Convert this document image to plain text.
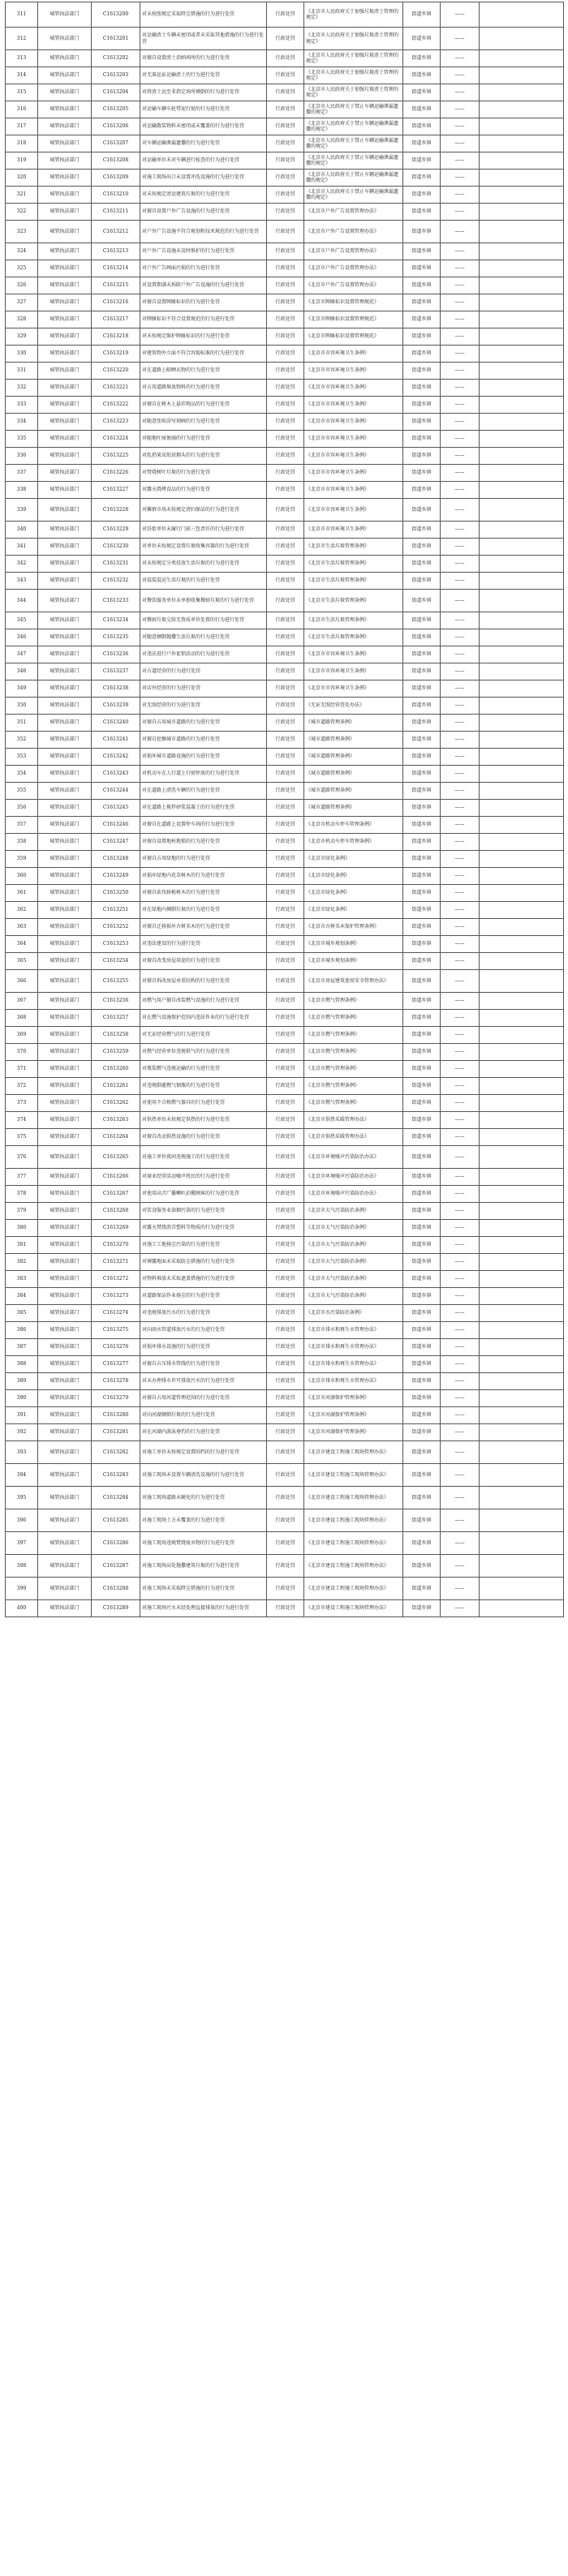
311	城管执法部门	C1613200	对未按照规定采取降尘措施的行为进行处罚	行政处罚	《北京市人民政府关于加强垃圾渣土管理的规定》	街道乡镇	——	
312	城管执法部门	C1613201	对运输渣土车辆未密闭或者未采取其他措施的行为进行处罚	行政处罚	《北京市人民政府关于加强垃圾渣土管理的规定》	街道乡镇	——	
313	城管执法部门	C1613202	对擅自设置渣土消纳场所的行为进行处罚	行政处罚	《北京市人民政府关于加强垃圾渣土管理的规定》	街道乡镇	——	
314	城管执法部门	C1613203	对无准运证运输渣土的行为进行处罚	行政处罚	《北京市人民政府关于加强垃圾渣土管理的规定》	街道乡镇	——	
315	城管执法部门	C1613204	对将渣土运至非指定场所倾倒的行为进行处罚	行政处罚	《北京市人民政府关于加强垃圾渣土管理的规定》	街道乡镇	——	
316	城管执法部门	C1613205	对运输车辆车轮带泥行驶的行为进行处罚	行政处罚	《北京市人民政府关于禁止车辆运输泄漏遗撒的规定》	街道乡镇	——	
317	城管执法部门	C1613206	对运输散装物料未密闭或未覆盖的行为进行处罚	行政处罚	《北京市人民政府关于禁止车辆运输泄漏遗撒的规定》	街道乡镇	——	
318	城管执法部门	C1613207	对车辆运输泄漏遗撒的行为进行处罚	行政处罚	《北京市人民政府关于禁止车辆运输泄漏遗撒的规定》	街道乡镇	——	
319	城管执法部门	C1613208	对运输单位未对车辆进行检查的行为进行处罚	行政处罚	《北京市人民政府关于禁止车辆运输泄漏遗撒的规定》	街道乡镇	——	
320	城管执法部门	C1613209	对施工现场出口未设置冲洗设施的行为进行处罚	行政处罚	《北京市人民政府关于禁止车辆运输泄漏遗撒的规定》	街道乡镇	——	
321	城管执法部门	C1613210	对未按规定清运建筑垃圾的行为进行处罚	行政处罚	《北京市人民政府关于禁止车辆运输泄漏遗撒的规定》	街道乡镇	——	
322	城管执法部门	C1613211	对擅自设置户外广告设施的行为进行处罚	行政处罚	《北京市户外广告设置管理办法》	街道乡镇	——	
323	城管执法部门	C1613212	对户外广告设施不符合规划和技术规范的行为进行处罚	行政处罚	《北京市户外广告设置管理办法》	街道乡镇	——	
324	城管执法部门	C1613213	对户外广告设施未及时维护的行为进行处罚	行政处罚	《北京市户外广告设置管理办法》	街道乡镇	——	
325	城管执法部门	C1613214	对户外广告画面污损的行为进行处罚	行政处罚	《北京市户外广告设置管理办法》	街道乡镇	——	
326	城管执法部门	C1613215	对设置期满未拆除户外广告设施的行为进行处罚	行政处罚	《北京市户外广告设置管理办法》	街道乡镇	——	
327	城管执法部门	C1613216	对擅自设置牌匾标识的行为进行处罚	行政处罚	《北京市牌匾标识设置管理规范》	街道乡镇	——	
328	城管执法部门	C1613217	对牌匾标识不符合设置规范的行为进行处罚	行政处罚	《北京市牌匾标识设置管理规范》	街道乡镇	——	
329	城管执法部门	C1613218	对未按规定维护牌匾标识的行为进行处罚	行政处罚	《北京市牌匾标识设置管理规范》	街道乡镇	——	
330	城管执法部门	C1613219	对建筑物外立面不符合容貌标准的行为进行处罚	行政处罚	《北京市市容环境卫生条例》	街道乡镇	——	
331	城管执法部门	C1613220	对在道路上晾晒衣物的行为进行处罚	行政处罚	《北京市市容环境卫生条例》	街道乡镇	——	
332	城管执法部门	C1613221	对占用道路堆放物料的行为进行处罚	行政处罚	《北京市市容环境卫生条例》	街道乡镇	——	
333	城管执法部门	C1613222	对擅自在树木上悬挂物品的行为进行处罚	行政处罚	《北京市市容环境卫生条例》	街道乡镇	——	
334	城管执法部门	C1613223	对随意张贴涂写刻画的行为进行处罚	行政处罚	《北京市市容环境卫生条例》	街道乡镇	——	
335	城管执法部门	C1613224	对随地吐痰便溺的行为进行处罚	行政处罚	《北京市市容环境卫生条例》	街道乡镇	——	
336	城管执法部门	C1613225	对乱扔果皮纸屑烟头的行为进行处罚	行政处罚	《北京市市容环境卫生条例》	街道乡镇	——	
337	城管执法部门	C1613226	对焚烧树叶垃圾的行为进行处罚	行政处罚	《北京市市容环境卫生条例》	街道乡镇	——	
338	城管执法部门	C1613227	对露天烧烤食品的行为进行处罚	行政处罚	《北京市市容环境卫生条例》	街道乡镇	——	
339	城管执法部门	C1613228	对摊群市场未按规定清扫保洁的行为进行处罚	行政处罚	《北京市市容环境卫生条例》	街道乡镇	——	
340	城管执法部门	C1613229	对沿街单位未履行门前三包责任的行为进行处罚	行政处罚	《北京市市容环境卫生条例》	街道乡镇	——	
341	城管执法部门	C1613230	对单位未按规定设置垃圾收集容器的行为进行处罚	行政处罚	《北京市生活垃圾管理条例》	街道乡镇	——	
342	城管执法部门	C1613231	对未按规定分类投放生活垃圾的行为进行处罚	行政处罚	《北京市生活垃圾管理条例》	街道乡镇	——	
343	城管执法部门	C1613232	对混装混运生活垃圾的行为进行处罚	行政处罚	《北京市生活垃圾管理条例》	街道乡镇	——	
344	城管执法部门	C1613233	对餐饮服务单位未单独收集餐厨垃圾的行为进行处罚	行政处罚	《北京市生活垃圾管理条例》	街道乡镇	——	
345	城管执法部门	C1613234	对餐厨垃圾交给无资质单位处置的行为进行处罚	行政处罚	《北京市生活垃圾管理条例》	街道乡镇	——	
346	城管执法部门	C1613235	对随意倾倒抛撒生活垃圾的行为进行处罚	行政处罚	《北京市生活垃圾管理条例》	街道乡镇	——	
347	城管执法部门	C1613236	对违法进行户外促销活动的行为进行处罚	行政处罚	《北京市市容环境卫生条例》	街道乡镇	——	
348	城管执法部门	C1613237	对占道经营的行为进行处罚	行政处罚	《北京市市容环境卫生条例》	街道乡镇	——	
349	城管执法部门	C1613238	对店外经营的行为进行处罚	行政处罚	《北京市市容环境卫生条例》	街道乡镇	——	
350	城管执法部门	C1613239	对无照经营的行为进行处罚	行政处罚	《无证无照经营查处办法》	街道乡镇	——	
351	城管执法部门	C1613240	对擅自占用城市道路的行为进行处罚	行政处罚	《城市道路管理条例》	街道乡镇	——	
352	城管执法部门	C1613241	对擅自挖掘城市道路的行为进行处罚	行政处罚	《城市道路管理条例》	街道乡镇	——	
353	城管执法部门	C1613242	对损坏城市道路设施的行为进行处罚	行政处罚	《城市道路管理条例》	街道乡镇	——	
354	城管执法部门	C1613243	对机动车在人行道上行驶停放的行为进行处罚	行政处罚	《城市道路管理条例》	街道乡镇	——	
355	城管执法部门	C1613244	对在道路上清洗车辆的行为进行处罚	行政处罚	《城市道路管理条例》	街道乡镇	——	
356	城管执法部门	C1613245	对在道路上搅拌砂浆混凝土的行为进行处罚	行政处罚	《城市道路管理条例》	街道乡镇	——	
357	城管执法部门	C1613246	对擅自在道路上设置停车场的行为进行处罚	行政处罚	《北京市机动车停车管理条例》	街道乡镇	——	
358	城管执法部门	C1613247	对擅自设置地桩地锁的行为进行处罚	行政处罚	《北京市机动车停车管理条例》	街道乡镇	——	
359	城管执法部门	C1613248	对擅自占用绿地的行为进行处罚	行政处罚	《北京市绿化条例》	街道乡镇	——	
360	城管执法部门	C1613249	对损坏绿地内花草树木的行为进行处罚	行政处罚	《北京市绿化条例》	街道乡镇	——	
361	城管执法部门	C1613250	对擅自砍伐移植树木的行为进行处罚	行政处罚	《北京市绿化条例》	街道乡镇	——	
362	城管执法部门	C1613251	对在绿地内倾倒垃圾的行为进行处罚	行政处罚	《北京市绿化条例》	街道乡镇	——	
363	城管执法部门	C1613252	对擅自迁移损坏古树名木的行为进行处罚	行政处罚	《北京市古树名木保护管理条例》	街道乡镇	——	
364	城管执法部门	C1613253	对违法建设的行为进行处罚	行政处罚	《北京市城乡规划条例》	街道乡镇	——	
365	城管执法部门	C1613254	对擅自改变房屋用途的行为进行处罚	行政处罚	《北京市城乡规划条例》	街道乡镇	——	
366	城管执法部门	C1613255	对擅自拆改房屋承重结构的行为进行处罚	行政处罚	《北京市房屋建筑使用安全管理办法》	街道乡镇	——	
367	城管执法部门	C1613256	对燃气用户擅自改装燃气设施的行为进行处罚	行政处罚	《北京市燃气管理条例》	街道乡镇	——	
368	城管执法部门	C1613257	对在燃气设施保护范围内违法作业的行为进行处罚	行政处罚	《北京市燃气管理条例》	街道乡镇	——	
369	城管执法部门	C1613258	对无证经营燃气的行为进行处罚	行政处罚	《北京市燃气管理条例》	街道乡镇	——	
370	城管执法部门	C1613259	对燃气经营单位违规供气的行为进行处罚	行政处罚	《北京市燃气管理条例》	街道乡镇	——	
371	城管执法部门	C1613260	对瓶装燃气违规运输的行为进行处罚	行政处罚	《北京市燃气管理条例》	街道乡镇	——	
372	城管执法部门	C1613261	对违规倒灌燃气钢瓶的行为进行处罚	行政处罚	《北京市燃气管理条例》	街道乡镇	——	
373	城管执法部门	C1613262	对使用不合格燃气器具的行为进行处罚	行政处罚	《北京市燃气管理条例》	街道乡镇	——	
374	城管执法部门	C1613263	对供热单位未按规定供热的行为进行处罚	行政处罚	《北京市供热采暖管理办法》	街道乡镇	——	
375	城管执法部门	C1613264	对擅自改动供热设施的行为进行处罚	行政处罚	《北京市供热采暖管理办法》	街道乡镇	——	
376	城管执法部门	C1613265	对施工单位夜间违规施工的行为进行处罚	行政处罚	《北京市环境噪声污染防治办法》	街道乡镇	——	
377	城管执法部门	C1613266	对商业经营活动噪声扰民的行为进行处罚	行政处罚	《北京市环境噪声污染防治办法》	街道乡镇	——	
378	城管执法部门	C1613267	对使用高音广播喇叭招揽顾客的行为进行处罚	行政处罚	《北京市环境噪声污染防治办法》	街道乡镇	——	
379	城管执法部门	C1613268	对饮食服务业油烟污染的行为进行处罚	行政处罚	《北京市大气污染防治条例》	街道乡镇	——	
380	城管执法部门	C1613269	对露天焚烧沥青塑料等物质的行为进行处罚	行政处罚	《北京市大气污染防治条例》	街道乡镇	——	
381	城管执法部门	C1613270	对施工工地扬尘污染的行为进行处罚	行政处罚	《北京市大气污染防治条例》	街道乡镇	——	
382	城管执法部门	C1613271	对裸露地面未采取防尘措施的行为进行处罚	行政处罚	《北京市大气污染防治条例》	街道乡镇	——	
383	城管执法部门	C1613272	对物料堆放未采取遮盖措施的行为进行处罚	行政处罚	《北京市大气污染防治条例》	街道乡镇	——	
384	城管执法部门	C1613273	对道路保洁作业扬尘的行为进行处罚	行政处罚	《北京市大气污染防治条例》	街道乡镇	——	
385	城管执法部门	C1613274	对违规排放污水的行为进行处罚	行政处罚	《北京市水污染防治条例》	街道乡镇	——	
386	城管执法部门	C1613275	对向雨水管道排放污水的行为进行处罚	行政处罚	《北京市排水和再生水管理办法》	街道乡镇	——	
387	城管执法部门	C1613276	对损坏排水设施的行为进行处罚	行政处罚	《北京市排水和再生水管理办法》	街道乡镇	——	
388	城管执法部门	C1613277	对擅自占压排水管线的行为进行处罚	行政处罚	《北京市排水和再生水管理办法》	街道乡镇	——	
389	城管执法部门	C1613278	对未办理排水许可排放污水的行为进行处罚	行政处罚	《北京市排水和再生水管理办法》	街道乡镇	——	
390	城管执法部门	C1613279	对擅自占用河道管理范围的行为进行处罚	行政处罚	《北京市河湖保护管理条例》	街道乡镇	——	
391	城管执法部门	C1613280	对向河湖倾倒垃圾的行为进行处罚	行政处罚	《北京市河湖保护管理条例》	街道乡镇	——	
392	城管执法部门	C1613281	对在河湖内游泳垂钓的行为进行处罚	行政处罚	《北京市河湖保护管理条例》	街道乡镇	——	
393	城管执法部门	C1613282	对施工单位未按规定设置围挡的行为进行处罚	行政处罚	《北京市建设工程施工现场管理办法》	街道乡镇	——	
394	城管执法部门	C1613283	对施工现场未设置车辆清洗设施的行为进行处罚	行政处罚	《北京市建设工程施工现场管理办法》	街道乡镇	——	
395	城管执法部门	C1613284	对施工现场道路未硬化的行为进行处罚	行政处罚	《北京市建设工程施工现场管理办法》	街道乡镇	——	
396	城管执法部门	C1613285	对施工现场土方未覆盖的行为进行处罚	行政处罚	《北京市建设工程施工现场管理办法》	街道乡镇	——	
397	城管执法部门	C1613286	对施工现场违规焚烧废弃物的行为进行处罚	行政处罚	《北京市建设工程施工现场管理办法》	街道乡镇	——	
398	城管执法部门	C1613287	对施工现场高处抛撒建筑垃圾的行为进行处罚	行政处罚	《北京市建设工程施工现场管理办法》	街道乡镇	——	
399	城管执法部门	C1613288	对施工现场未采取降尘措施的行为进行处罚	行政处罚	《北京市建设工程施工现场管理办法》	街道乡镇	——	
400	城管执法部门	C1613289	对施工现场污水未经处理直接排放的行为进行处罚	行政处罚	《北京市建设工程施工现场管理办法》	街道乡镇	——	
